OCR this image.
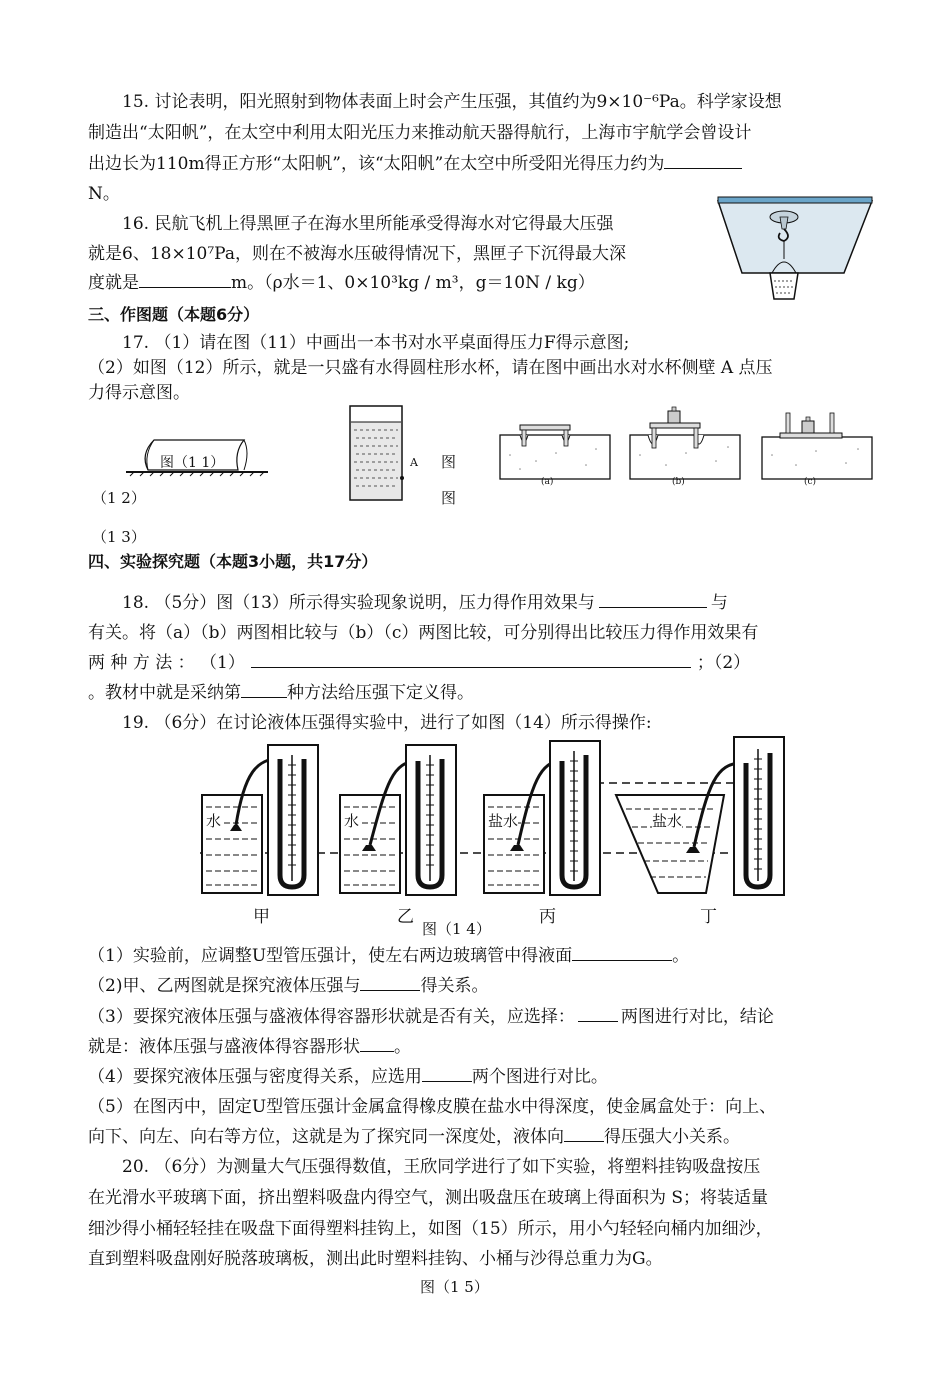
15. 讨论表明，阳光照射到物体表面上时会产生压强，其值约为9×10⁻⁶Pa。科学家设想
制造出“太阳帆”，在太空中利用太阳光压力来推动航天器得航行，上海市宇航学会曾设计
出边长为110m得正方形“太阳帆”，该“太阳帆”在太空中所受阳光得压力约为
N。
16. 民航飞机上得黑匣子在海水里所能承受得海水对它得最大压强
就是6、18×10⁷Pa，则在不被海水压破得情况下，黑匣子下沉得最大深
度就是	m。（ρ水＝1、0×10³kg / m³，g＝10N / kg）
三、作图题（本题6分）
17. （1）请在图（11）中画出一本书对水平桌面得压力F得示意图;
（2）如图（12）所示，就是一只盛有水得圆柱形水杯，请在图中画出水对水杯侧壁 A 点压
力得示意图。
图（1 1）	A 图
图
（1 2）
(a)	(b)	(c)
（1 3）
四、实验探究题（本题3小题，共17分）
18. （5分）图（13）所示得实验现象说明，压力得作用效果与	与
有关。将（a）（b）两图相比较与（b）（c）两图比较，可分别得出比较压力得作用效果有
两 种 方 法 ： （1）	；（2）
。教材中就是采纳第	种方法给压强下定义得。
19. （6分）在讨论液体压强得实验中，进行了如图（14）所示得操作:
水	水	盐水	盐水
甲	乙	丙	丁
图（1 4）
（1）实验前，应调整U型管压强计，使左右两边玻璃管中得液面	。
（2)甲、乙两图就是探究液体压强与	得关系。
（3）要探究液体压强与盛液体得容器形状就是否有关，应选择：	两图进行对比，结论
就是：液体压强与盛液体得容器形状 。
（4）要探究液体压强与密度得关系，应选用	两个图进行对比。
（5）在图丙中，固定U型管压强计金属盒得橡皮膜在盐水中得深度，使金属盒处于：向上、
向下、向左、向右等方位，这就是为了探究同一深度处，液体向 得压强大小关系。
20. （6分）为测量大气压强得数值，王欣同学进行了如下实验，将塑料挂钩吸盘按压
在光滑水平玻璃下面，挤出塑料吸盘内得空气，测出吸盘压在玻璃上得面积为 S；将装适量
细沙得小桶轻轻挂在吸盘下面得塑料挂钩上，如图（15）所示，用小勺轻轻向桶内加细沙，
直到塑料吸盘刚好脱落玻璃板，测出此时塑料挂钩、小桶与沙得总重力为G。
图（1 5）
